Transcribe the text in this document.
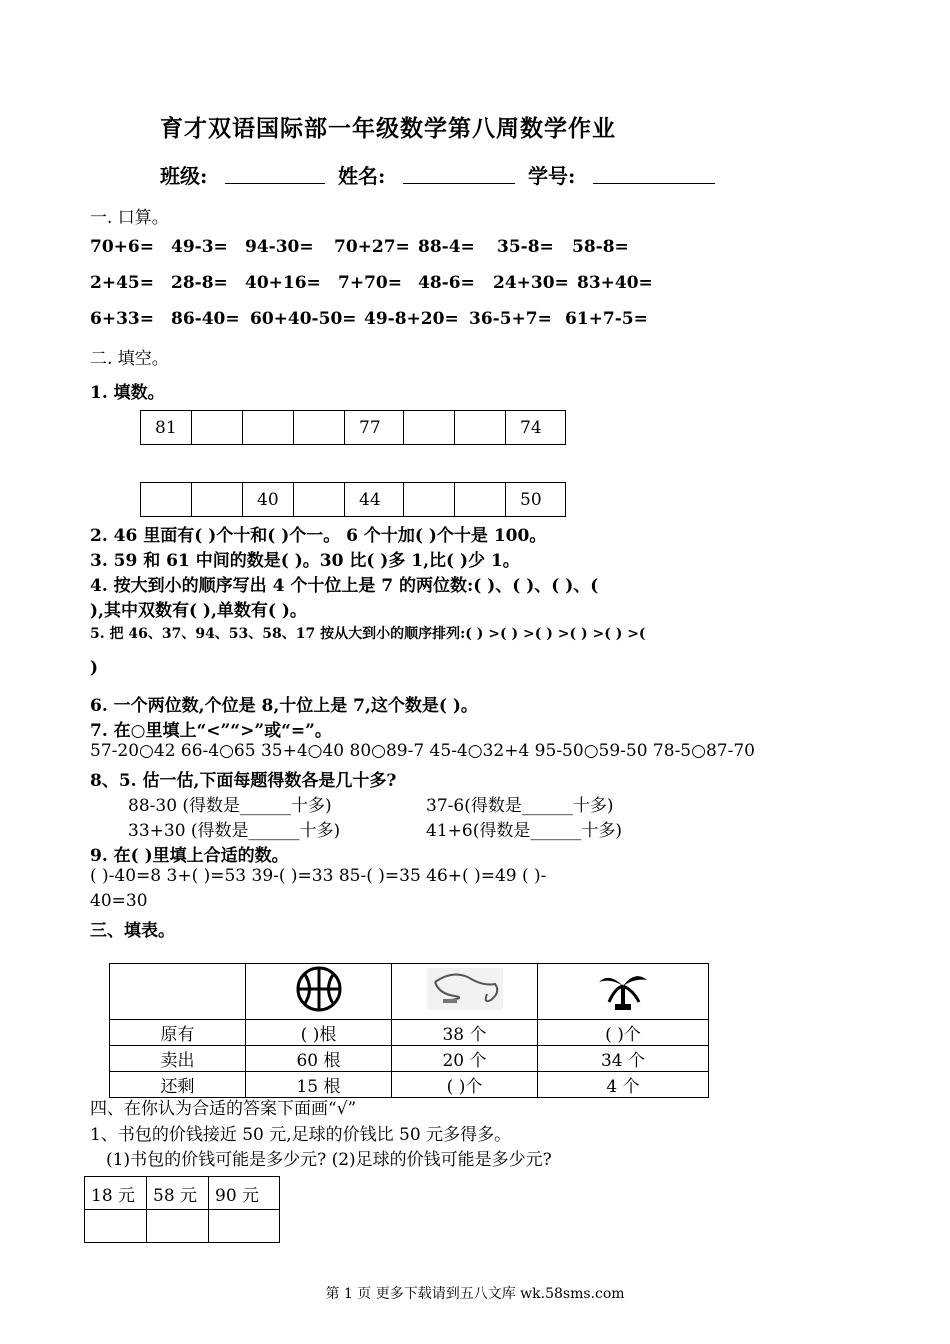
育才双语国际部一年级数学第八周数学作业
班级:	姓名:	学号:
一. 口算。
70+6= 49-3= 94-30= 70+27= 88-4= 35-8= 58-8=
2+45= 28-8= 40+16= 7+70= 48-6= 24+30= 83+40=
6+33= 86-40= 60+40-50= 49-8+20= 36-5+7= 61+7-5=
二. 填空。
1. 填数。
81				77			74
		40		44			50
2. 46 里面有( )个十和( )个一。 6 个十加( )个十是 100。
3. 59 和 61 中间的数是( )。30 比( )多 1,比( )少 1。
4. 按大到小的顺序写出 4 个十位上是 7 的两位数:( )、( )、( )、(
),其中双数有( ),单数有( )。
5. 把 46、37、94、53、58、17 按从大到小的顺序排列:( ) >( ) >( ) >( ) >( ) >(
)
6. 一个两位数,个位是 8,十位上是 7,这个数是( )。
7. 在○里填上“<”“>”或“=”。
57-20○42 66-4○65 35+4○40 80○89-7 45-4○32+4 95-50○59-50 78-5○87-70
8、5. 估一估,下面每题得数各是几十多?
88-30 (得数是______十多)	37-6(得数是______十多)
33+30 (得数是______十多)	41+6(得数是______十多)
9. 在( )里填上合适的数。
( )-40=8 3+( )=53 39-( )=33 85-( )=35 46+( )=49 ( )-
40=30
三、填表。

原有	( )根	38 个	( )个
卖出	60 根	20 个	34 个
还剩	15 根	( )个	4 个
四、在你认为合适的答案下面画“√”
1、书包的价钱接近 50 元,足球的价钱比 50 元多得多。
(1)书包的价钱可能是多少元? (2)足球的价钱可能是多少元?
18 元	58 元	90 元

第 1 页 更多下载请到五八文库 wk.58sms.com
